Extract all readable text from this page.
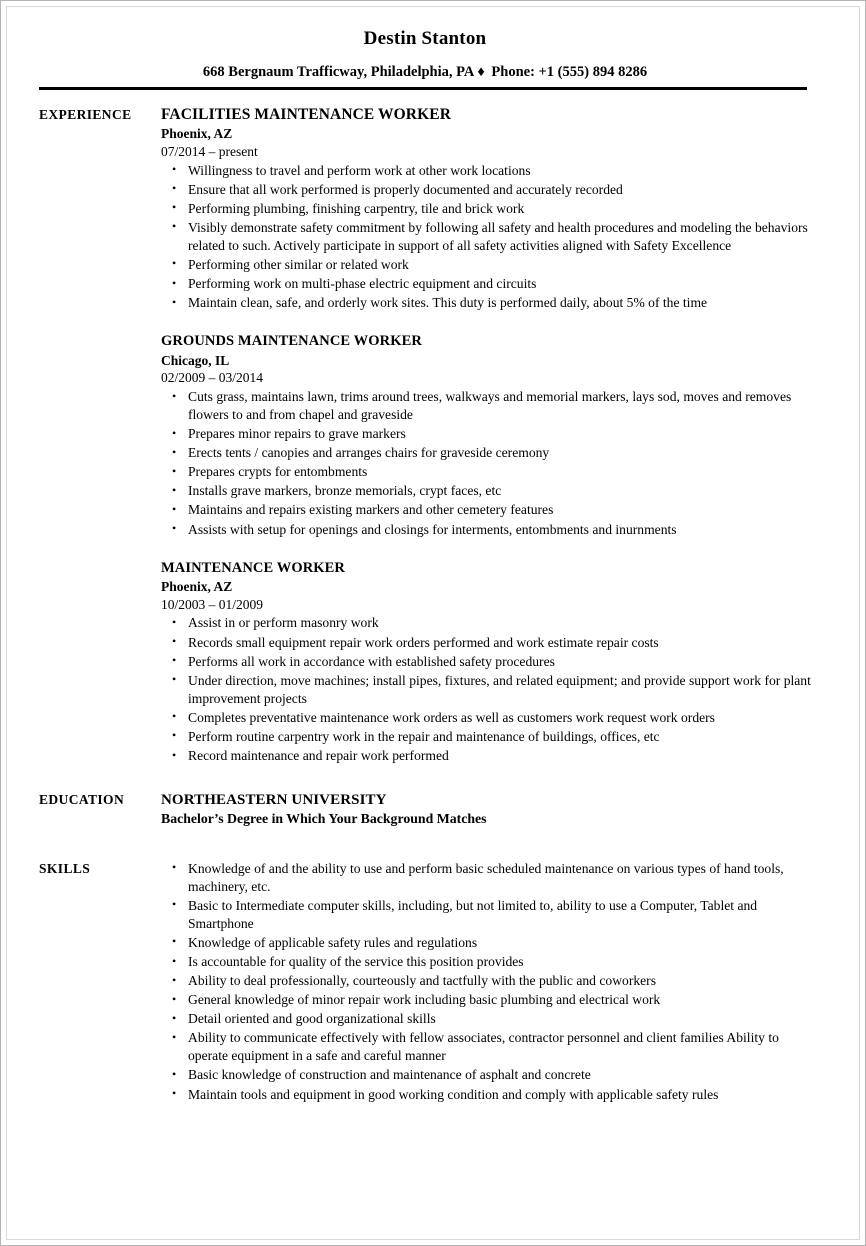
Destin Stanton
668 Bergnaum Trafficway, Philadelphia, PA ♦ Phone: +1 (555) 894 8286
EXPERIENCE	FACILITIES MAINTENANCE WORKER
Phoenix, AZ
07/2014 – present
• Willingness to travel and perform work at other work locations
• Ensure that all work performed is properly documented and accurately recorded
• Performing plumbing, finishing carpentry, tile and brick work
• Visibly demonstrate safety commitment by following all safety and health procedures and modeling the behaviors related to such. Actively participate in support of all safety activities aligned with Safety Excellence
• Performing other similar or related work
• Performing work on multi-phase electric equipment and circuits
• Maintain clean, safe, and orderly work sites. This duty is performed daily, about 5% of the time
GROUNDS MAINTENANCE WORKER
Chicago, IL
02/2009 – 03/2014
• Cuts grass, maintains lawn, trims around trees, walkways and memorial markers, lays sod, moves and removes flowers to and from chapel and graveside
• Prepares minor repairs to grave markers
• Erects tents / canopies and arranges chairs for graveside ceremony
• Prepares crypts for entombments
• Installs grave markers, bronze memorials, crypt faces, etc
• Maintains and repairs existing markers and other cemetery features
• Assists with setup for openings and closings for interments, entombments and inurnments
MAINTENANCE WORKER
Phoenix, AZ
10/2003 – 01/2009
• Assist in or perform masonry work
• Records small equipment repair work orders performed and work estimate repair costs
• Performs all work in accordance with established safety procedures
• Under direction, move machines; install pipes, fixtures, and related equipment; and provide support work for plant improvement projects
• Completes preventative maintenance work orders as well as customers work request work orders
• Perform routine carpentry work in the repair and maintenance of buildings, offices, etc
• Record maintenance and repair work performed
EDUCATION	NORTHEASTERN UNIVERSITY
Bachelor’s Degree in Which Your Background Matches
SKILLS	• Knowledge of and the ability to use and perform basic scheduled maintenance on various types of hand tools, machinery, etc.
• Basic to Intermediate computer skills, including, but not limited to, ability to use a Computer, Tablet and Smartphone
• Knowledge of applicable safety rules and regulations
• Is accountable for quality of the service this position provides
• Ability to deal professionally, courteously and tactfully with the public and coworkers
• General knowledge of minor repair work including basic plumbing and electrical work
• Detail oriented and good organizational skills
• Ability to communicate effectively with fellow associates, contractor personnel and client families Ability to operate equipment in a safe and careful manner
• Basic knowledge of construction and maintenance of asphalt and concrete
• Maintain tools and equipment in good working condition and comply with applicable safety rules
